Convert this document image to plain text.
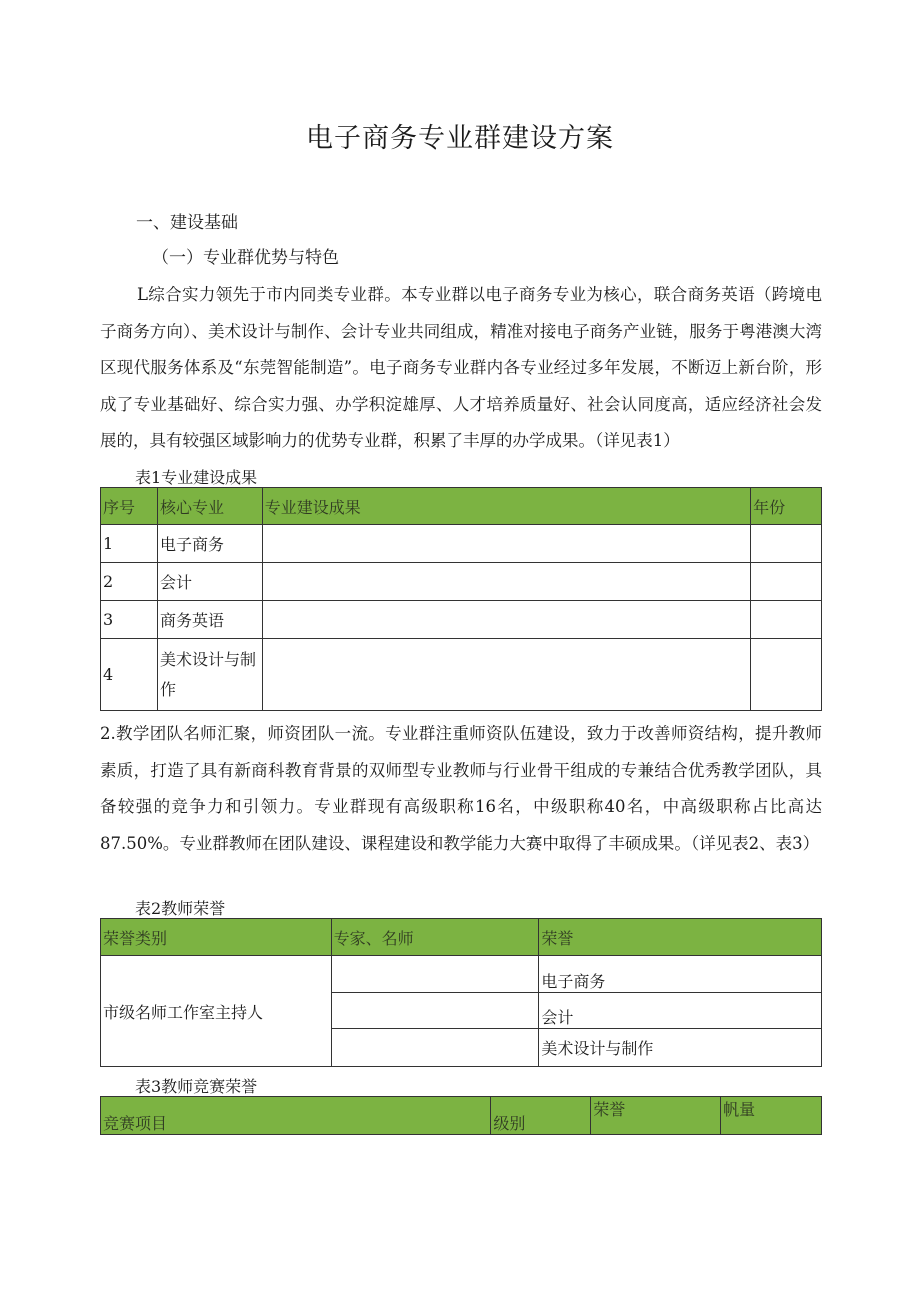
电子商务专业群建设方案
一、建设基础
（一）专业群优势与特色

L综合实力领先于市内同类专业群。本专业群以电子商务专业为核心，联合商务英语（跨境电子商务方向）、美术设计与制作、会计专业共同组成，精准对接电子商务产业链，服务于粤港澳大湾区现代服务体系及“东莞智能制造”。电子商务专业群内各专业经过多年发展，不断迈上新台阶，形成了专业基础好、综合实力强、办学积淀雄厚、人才培养质量好、社会认同度高，适应经济社会发展的，具有较强区域影响力的优势专业群，积累了丰厚的办学成果。（详见表1）

表1专业建设成果
序号	核心专业	专业建设成果	年份
1	电子商务		
2	会计		
3	商务英语		
4	美术设计与制作		

2.教学团队名师汇聚，师资团队一流。专业群注重师资队伍建设，致力于改善师资结构，提升教师素质，打造了具有新商科教育背景的双师型专业教师与行业骨干组成的专兼结合优秀教学团队，具备较强的竞争力和引领力。专业群现有高级职称16名，中级职称40名，中高级职称占比高达87.50%。专业群教师在团队建设、课程建设和教学能力大赛中取得了丰硕成果。（详见表2、表3）

表2教师荣誉
荣誉类别	专家、名师	荣誉
市级名师工作室主持人		电子商务
		会计
		美术设计与制作
表3教师竞赛荣誉
竞赛项目	级别	荣誉	帆量
